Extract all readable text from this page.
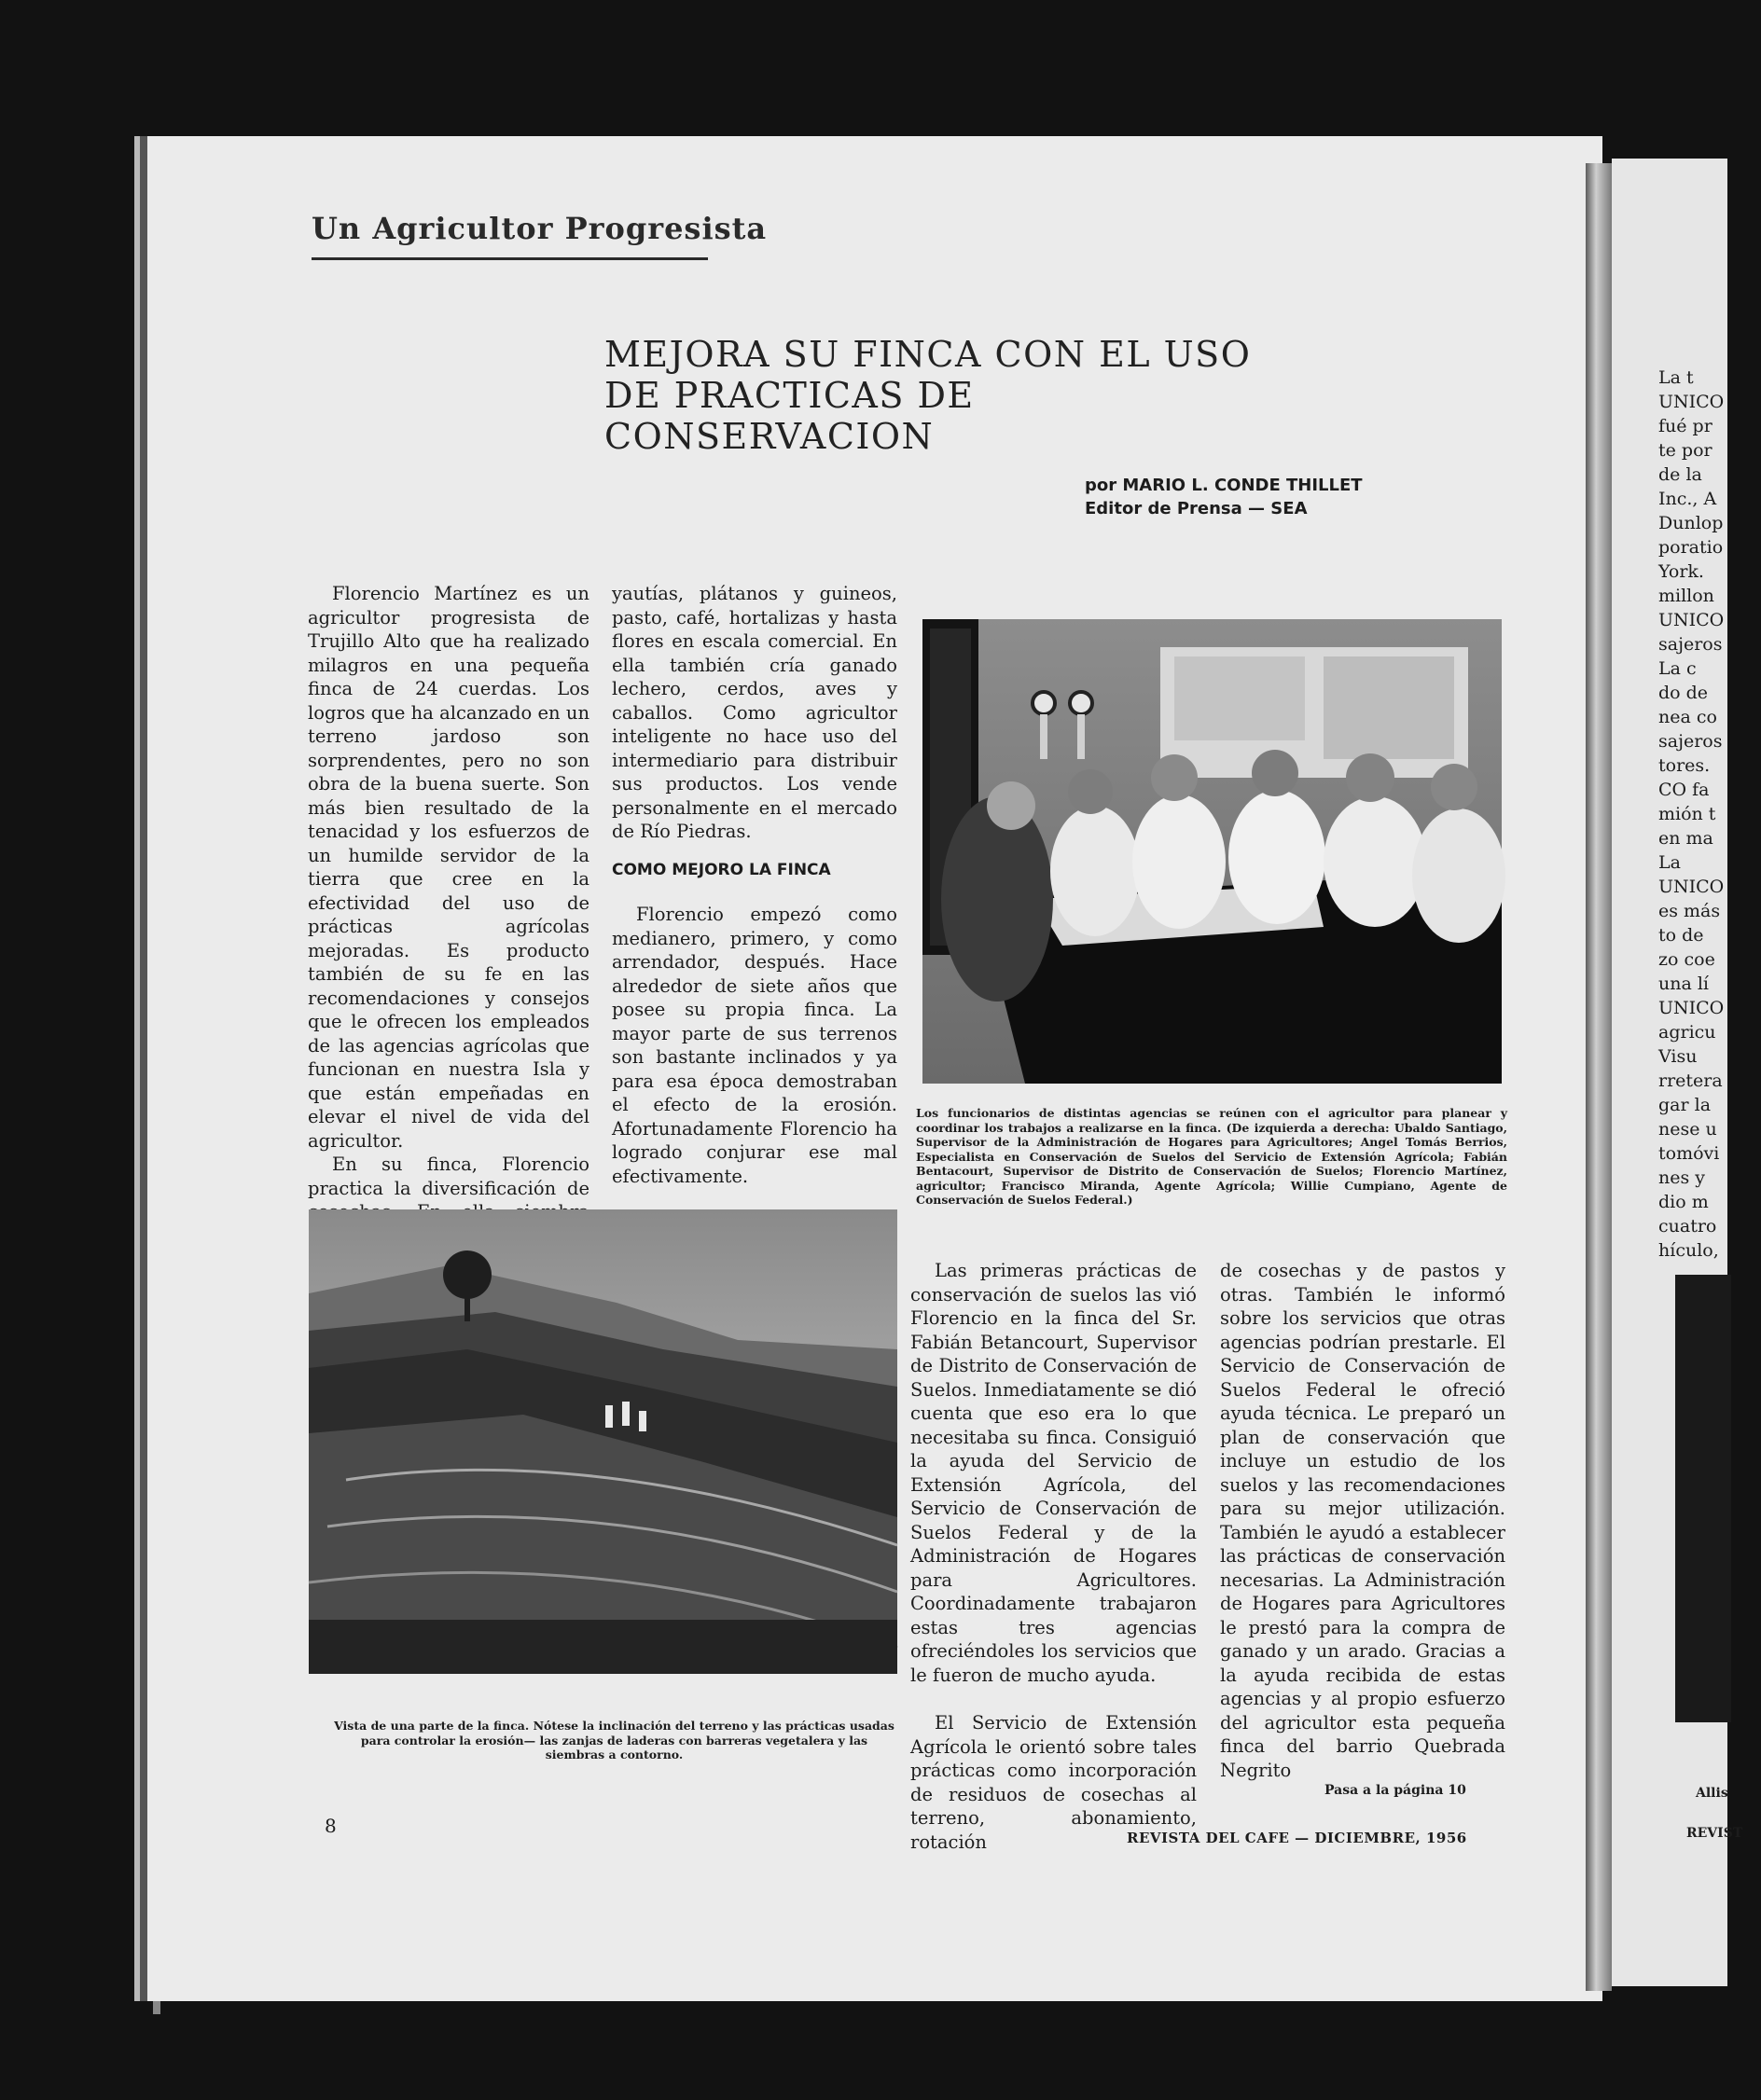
Un Agricultor Progresista
MEJORA SU FINCA CON EL USO
DE PRACTICAS DE CONSERVACION
por MARIO L. CONDE THILLET
Editor de Prensa — SEA

Florencio Martínez es un agricultor progresista de Trujillo Alto que ha realizado milagros en una pequeña finca de 24 cuerdas. Los logros que ha alcanzado en un terreno jardoso son sorprendentes, pero no son obra de la buena suerte. Son más bien resultado de la tenacidad y los esfuerzos de un humilde servidor de la tierra que cree en la efectividad del uso de prácticas agrícolas mejoradas. Es producto también de su fe en las recomendaciones y consejos que le ofrecen los empleados de las agencias agrícolas que funcionan en nuestra Isla y que están empeñadas en elevar el nivel de vida del agricultor.

En su finca, Florencio practica la diversificación de

yautías, plátanos y guineos, pasto, café, hortalizas y hasta flores en escala comercial. En ella también cría ganado lechero, cerdos, aves y caballos. Como agricultor inteligente no hace uso del intermediario para distribuir sus productos. Los vende personalmente en el mercado de Río Piedras.

COMO MEJORO LA FINCA

Florencio empezó como medianero, primero, y como arrendador, después. Hace alrededor de siete años que posee su propia finca. La mayor parte de sus terrenos son bastante inclinados y ya para esa época demostraban el efecto de la erosión. Afortunadamente Florencio ha logrado conjurar ese mal efectivamente.

Los funcionarios de distintas agencias se reúnen con el agricultor para planear y coordinar los trabajos a realizarse en la finca. (De izquierda a derecha: Ubaldo Santiago, Supervisor de la Administración de Hogares para Agricultores; Angel Tomás Berrios, Especialista en Conservación de Suelos del Servicio de Extensión Agrícola; Fabián Bentacourt, Supervisor de Distrito de Conservación de Suelos; Florencio Martínez, agricultor; Francisco Miranda, Agente Agrícola; Willie Cumpiano, Agente de Conservación de Suelos Federal.)
Vista de una parte de la finca. Nótese la inclinación del terreno y las prácticas usadas para controlar la erosión— las zanjas de laderas con barreras vegetalera y las siembras a contorno.

Las primeras prácticas de conservación de suelos las vió Florencio en la finca del Sr. Fabián Betancourt, Supervisor de Distrito de Conservación de Suelos. Inmediatamente se dió cuenta que eso era lo que necesitaba su finca. Consiguió la ayuda del Servicio de Extensión Agrícola, del Servicio de Conservación de Suelos Federal y de la Administración de Hogares para Agricultores. Coordinadamente trabajaron estas tres agencias ofreciéndoles los servicios que le fueron de mucho ayuda.

El Servicio de Extensión Agrícola le orientó sobre tales prácticas como incorporación de residuos de cosechas al terreno, abonamiento, rotación

de cosechas y de pastos y otras. También le informó sobre los servicios que otras agencias podrían prestarle. El Servicio de Conservación de Suelos Federal le ofreció ayuda técnica. Le preparó un plan de conservación que incluye un estudio de los suelos y las recomendaciones para su mejor utilización. También le ayudó a establecer las prácticas de conservación necesarias. La Administración de Hogares para Agricultores le prestó para la compra de ganado y un arado. Gracias a la ayuda recibida de estas agencias y al propio esfuerzo del agricultor esta pequeña finca del barrio Quebrada Negrito

Pasa a la página 10
8
REVISTA DEL CAFE — DICIEMBRE, 1956
La t
UNICO
fué pr
te por
de la
Inc., A
Dunlop
poratio
York.
millon
UNICO
sajeros
La c
do de
nea co
sajeros
tores.
CO fa
mión t
en ma
La
UNICO
es más
to de
zo coe
una lí
UNICO
agricu
Visu
rretera
gar la
nese u
tomóvi
nes y
dio m
cuatro
hículo,
Allis
REVIST
